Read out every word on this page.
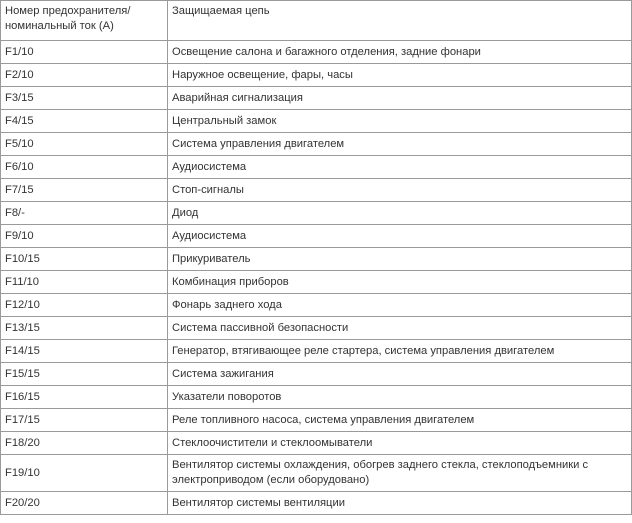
Номер предохранителя/ номинальный ток (А)	Защищаемая цепь
F1/10	Освещение салона и багажного отделения, задние фонари
F2/10	Наружное освещение, фары, часы
F3/15	Аварийная сигнализация
F4/15	Центральный замок
F5/10	Система управления двигателем
F6/10	Аудиосистема
F7/15	Стоп-сигналы
F8/-	Диод
F9/10	Аудиосистема
F10/15	Прикуриватель
F11/10	Комбинация приборов
F12/10	Фонарь заднего хода
F13/15	Система пассивной безопасности
F14/15	Генератор, втягивающее реле стартера, система управления двигателем
F15/15	Система зажигания
F16/15	Указатели поворотов
F17/15	Реле топливного насоса, система управления двигателем
F18/20	Стеклоочистители и стеклоомыватели
F19/10	Вентилятор системы охлаждения, обогрев заднего стекла, стеклоподъемники с электроприводом (если оборудовано)
F20/20	Вентилятор системы вентиляции
